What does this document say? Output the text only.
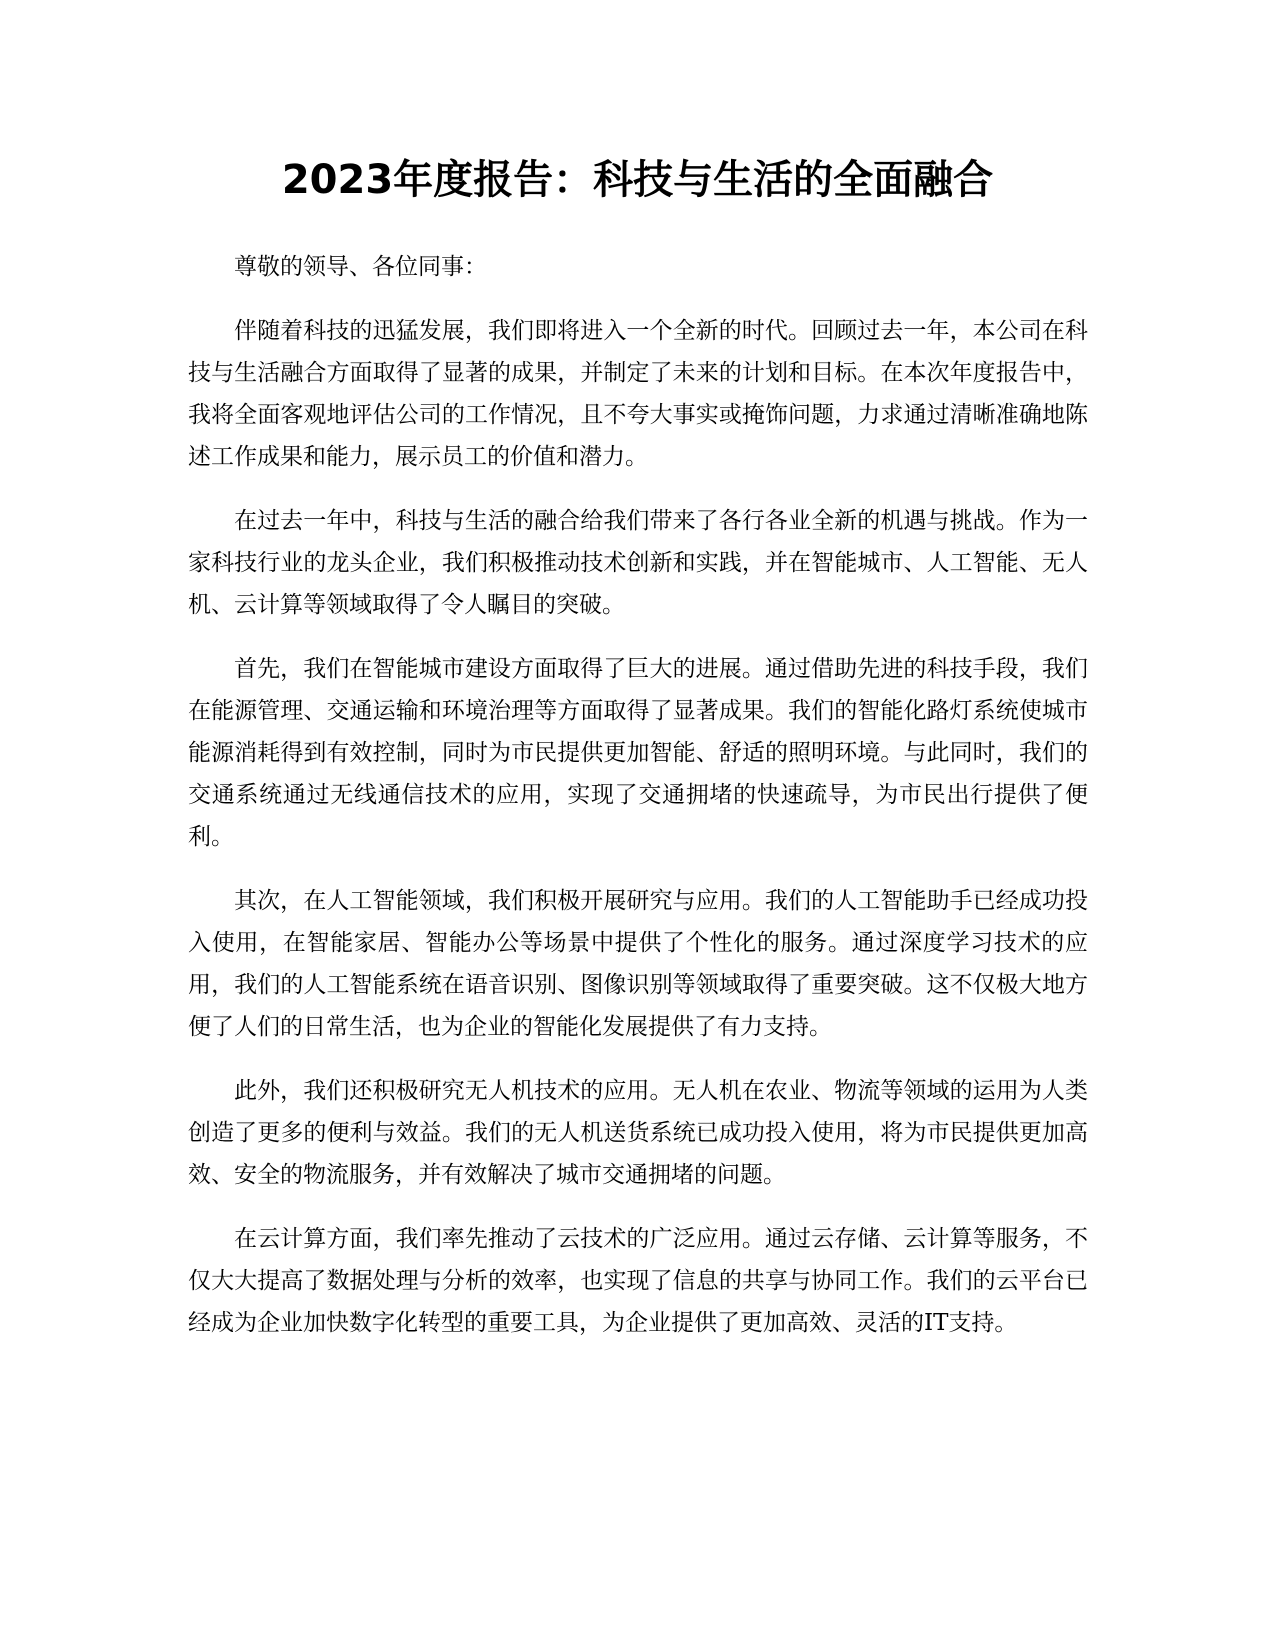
2023年度报告：科技与生活的全面融合

尊敬的领导、各位同事：

伴随着科技的迅猛发展，我们即将进入一个全新的时代。回顾过去一年，本公司在科技与生活融合方面取得了显著的成果，并制定了未来的计划和目标。在本次年度报告中，我将全面客观地评估公司的工作情况，且不夸大事实或掩饰问题，力求通过清晰准确地陈述工作成果和能力，展示员工的价值和潜力。

在过去一年中，科技与生活的融合给我们带来了各行各业全新的机遇与挑战。作为一家科技行业的龙头企业，我们积极推动技术创新和实践，并在智能城市、人工智能、无人机、云计算等领域取得了令人瞩目的突破。

首先，我们在智能城市建设方面取得了巨大的进展。通过借助先进的科技手段，我们在能源管理、交通运输和环境治理等方面取得了显著成果。我们的智能化路灯系统使城市能源消耗得到有效控制，同时为市民提供更加智能、舒适的照明环境。与此同时，我们的交通系统通过无线通信技术的应用，实现了交通拥堵的快速疏导，为市民出行提供了便利。

其次，在人工智能领域，我们积极开展研究与应用。我们的人工智能助手已经成功投入使用，在智能家居、智能办公等场景中提供了个性化的服务。通过深度学习技术的应用，我们的人工智能系统在语音识别、图像识别等领域取得了重要突破。这不仅极大地方便了人们的日常生活，也为企业的智能化发展提供了有力支持。

此外，我们还积极研究无人机技术的应用。无人机在农业、物流等领域的运用为人类创造了更多的便利与效益。我们的无人机送货系统已成功投入使用，将为市民提供更加高效、安全的物流服务，并有效解决了城市交通拥堵的问题。

在云计算方面，我们率先推动了云技术的广泛应用。通过云存储、云计算等服务，不仅大大提高了数据处理与分析的效率，也实现了信息的共享与协同工作。我们的云平台已经成为企业加快数字化转型的重要工具，为企业提供了更加高效、灵活的IT支持。
